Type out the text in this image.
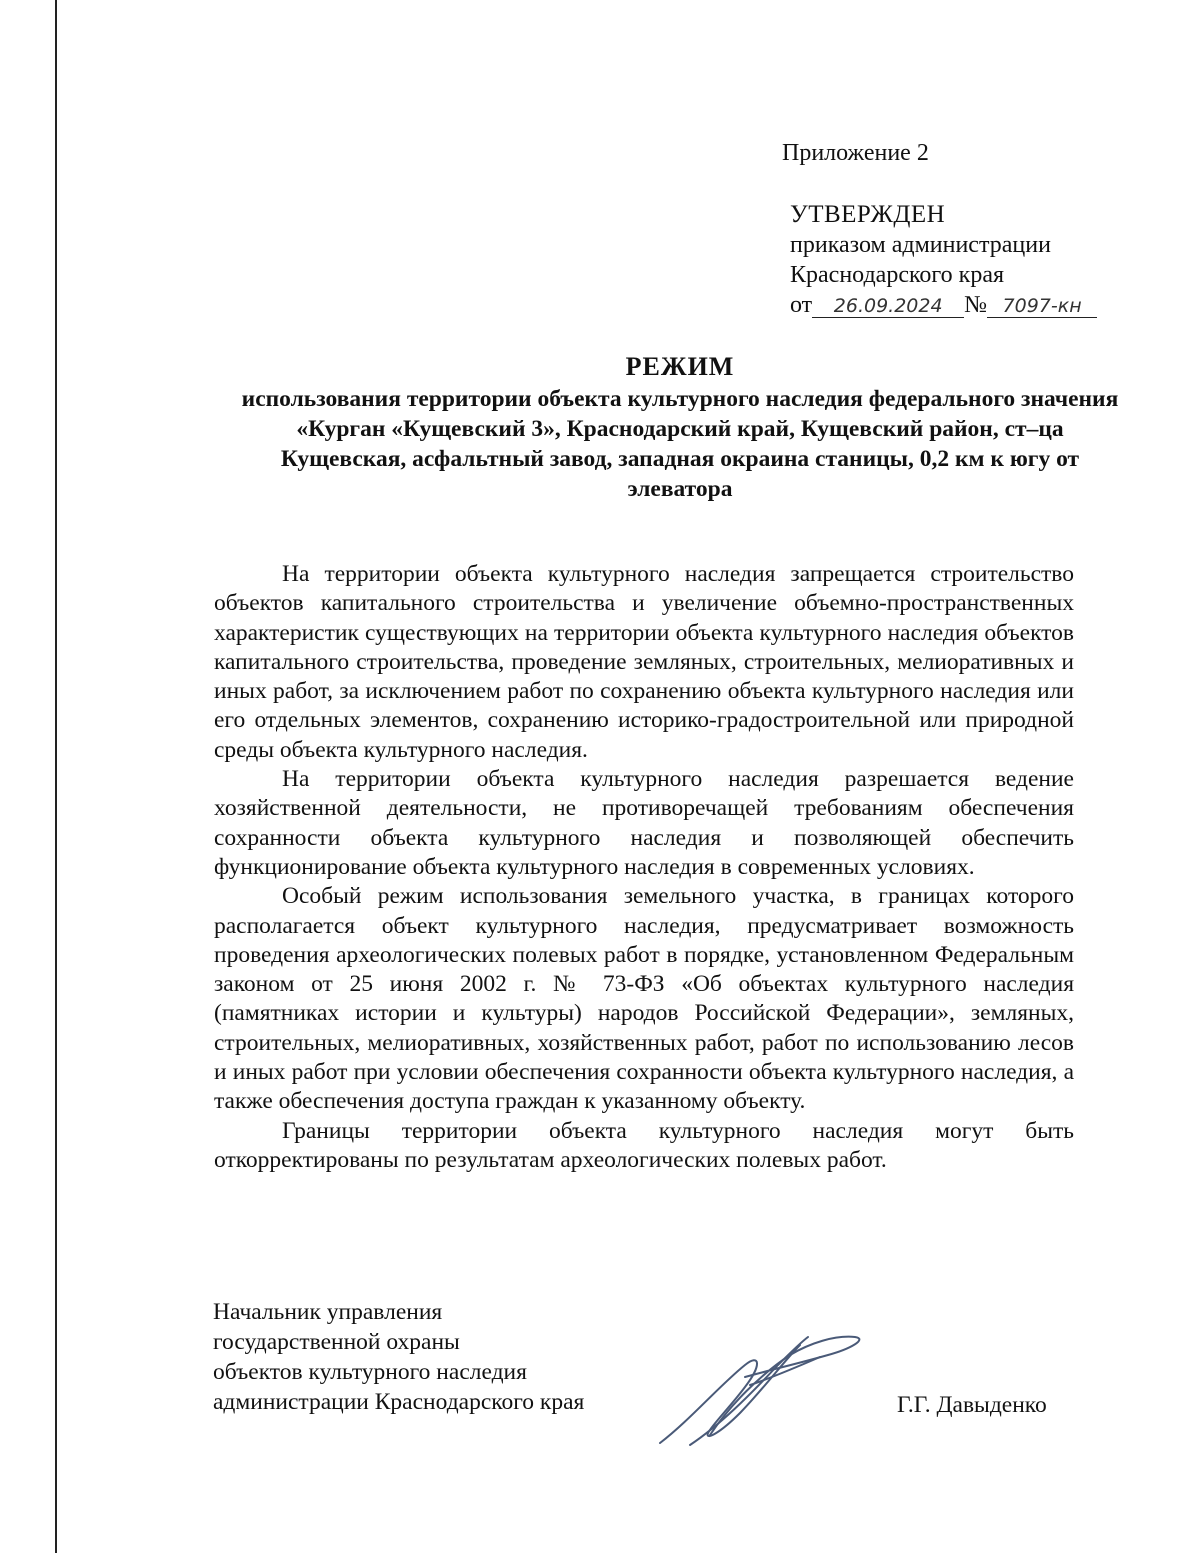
Приложение 2
УТВЕРЖДЕН
приказом администрации
Краснодарского края
от 26.09.2024 № 7097-кн
РЕЖИМ
использования территории объекта культурного наследия федерального значения «Курган «Кущевский 3», Краснодарский край, Кущевский район, ст–ца Кущевская, асфальтный завод, западная окраина станицы, 0,2 км к югу от элеватора

На территории объекта культурного наследия запрещается строительство объектов капитального строительства и увеличение объемно-пространственных характеристик существующих на территории объекта культурного наследия объектов капитального строительства, проведение земляных, строительных, мелиоративных и иных работ, за исключением работ по сохранению объекта культурного наследия или его отдельных элементов, сохранению историко-градостроительной или природной среды объекта культурного наследия.

На территории объекта культурного наследия разрешается ведение хозяйственной деятельности, не противоречащей требованиям обеспечения сохранности объекта культурного наследия и позволяющей обеспечить функционирование объекта культурного наследия в современных условиях.

Особый режим использования земельного участка, в границах которого располагается объект культурного наследия, предусматривает возможность проведения археологических полевых работ в порядке, установленном Федеральным законом от 25 июня 2002 г. № 73-ФЗ «Об объектах культурного наследия (памятниках истории и культуры) народов Российской Федерации», земляных, строительных, мелиоративных, хозяйственных работ, работ по использованию лесов и иных работ при условии обеспечения сохранности объекта культурного наследия, а также обеспечения доступа граждан к указанному объекту.

Границы территории объекта культурного наследия могут быть откорректированы по результатам археологических полевых работ.

Начальник управления
государственной охраны
объектов культурного наследия
администрации Краснодарского края	Г.Г. Давыденко
